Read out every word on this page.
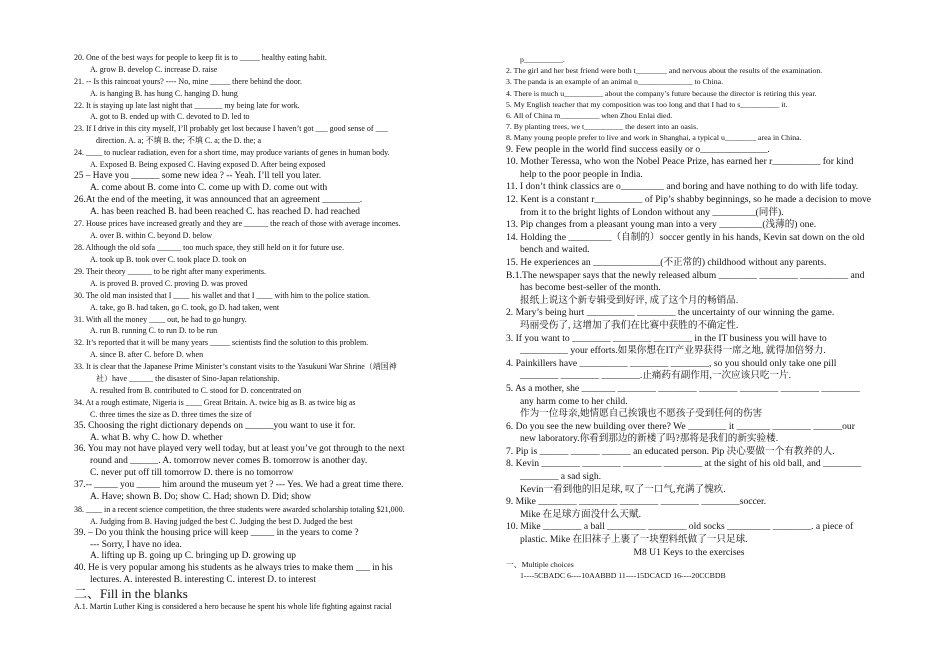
20. One of the best ways for people to keep fit is to _____ healthy eating habit.
A. grow B. develop C. increase D. raise
21. -- Is this raincoat yours? ---- No, mine _____ there behind the door.
A. is hanging B. has hung C. hanging D. hung
22. It is staying up late last night that _______ my being late for work.
A. got to B. ended up with C. devoted to D. led to
23. If I drive in this city myself, I’ll probably get lost because I haven’t got ___ good sense of ___
direction. A. a; 不填 B. the; 不填 C. a; the D. the; a
24. ____ to nuclear radiation, even for a short time, may produce variants of genes in human body.
A. Exposed B. Being exposed C. Having exposed D. After being exposed
25 – Have you ______ some new idea ? -- Yeah. I’ll tell you later.
A. come about B. come into C. come up with D. come out with
26.At the end of the meeting, it was announced that an agreement ________.
A. has been reached B. had been reached C. has reached D. had reached
27. House prices have increased greatly and they are ______ the reach of those with average incomes.
A. over B. within C. beyond D. below
28. Although the old sofa ______ too much space, they still held on it for future use.
A. took up B. took over C. took place D. took on
29. Their theory ______ to be right after many experiments.
A. is proved B. proved C. proving D. was proved
30. The old man insisted that I ____ his wallet and that I ____ with him to the police station.
A. take, go B. had taken, go C. took, go D. had taken, went
31. With all the money ____ out, he had to go hungry.
A. run B. running C. to run D. to be run
32. It’s reported that it will be many years _____ scientists find the solution to this problem.
A. since B. after C. before D. when
33. It is clear that the Japanese Prime Minister’s constant visits to the Yasukuni War Shrine（靖国神
社）have ______ the disaster of Sino-Japan relationship.
A. resulted from B. contributed to C. stood for D. concentrated on
34. At a rough estimate, Nigeria is ____ Great Britain. A. twice big as B. as twice big as
C. three times the size as D. three times the size of
35. Choosing the right dictionary depends on ______you want to use it for.
A. what B. why C. how D. whether
36. You may not have played very well today, but at least you’ve got through to the next
round and ______. A. tomorrow never comes B. tomorrow is another day.
C. never put off till tomorrow D. there is no tomorrow
37.-- _____ you _____ him around the museum yet ? --- Yes. We had a great time there.
A. Have; shown B. Do; show C. Had; shown D. Did; show
38. ____ in a recent science competition, the three students were awarded scholarship totaling $21,000.
A. Judging from B. Having judged the best C. Judging the best D. Judged the best
39. – Do you think the housing price will keep _____ in the years to come ?
--- Sorry, I have no idea.
A. lifting up B. going up C. bringing up D. growing up
40. He is very popular among his students as he always tries to make them ___ in his
lectures. A. interested B. interesting C. interest D. to interest
二、Fill in the blanks
A.1. Martin Luther King is considered a hero because he spent his whole life fighting against racial
p__________.
2. The girl and her best friend were both t________ and nervous about the results of the examination.
3. The panda is an example of an animal n______________ to China.
4. There is much u__________ about the company’s future because the director is retiring this year.
5. My English teacher that my composition was too long and that I had to s__________ it.
6. All of China m__________ when Zhou Enlai died.
7. By planting trees, we t__________ the desert into an oasis.
8. Many young people prefer to live and work in Shanghai, a typical u________ area in China.
9. Few people in the world find success easily or o______________.
10. Mother Teressa, who won the Nobel Peace Prize, has earned her r__________ for kind help to the poor people in India.
11. I don’t think classics are o_________ and boring and have nothing to do with life today.
12. Kent is a constant r__________ of Pip’s shabby beginnings, so he made a decision to move from it to the bright lights of London without any _________(同伴).
13. Pip changes from a pleasant young man into a very _________(浅薄的) one.
14. Holding the _________（自制的）soccer gently in his hands, Kevin sat down on the old bench and waited.
15. He experiences an ______________(不正常的) childhood without any parents.
B.1.The newspaper says that the newly released album ________ ________ __________ and has become best-seller of the month.
报纸上说这个新专辑受到好评, 成了这个月的畅销品.
2. Mary’s being hurt __________ ________ the uncertainty of our winning the game.
玛丽受伤了, 这增加了我们在比赛中获胜的不确定性.
3. If you want to ________ ________ ________ in the IT business you will have to __________ your efforts.如果你想在IT产业界获得一席之地, 就得加倍努力.
4. Painkillers have __________ ________ ________, so you should only take one pill ________ ________ ________.止痛药有副作用,一次应该只吃一片.
5. As a mother, she _______ ________ ________ ________ ________ ________ ________ any harm come to her child.
作为一位母亲,她情愿自己挨饿也不愿孩子受到任何的伤害
6. Do you see the new building over there? We ________ it _______ ________ ______our new laboratory.你看到那边的新楼了吗?那将是我们的新实验楼.
7. Pip is ______ ______ ______ an educated person. Pip 决心要做一个有教养的人.
8. Kevin ________ ________ ________ ________ at the sight of his old ball, and ________ ________ a sad sigh.
Kevin一看到他的旧足球, 叹了一口气,充满了愧疚.
9. Mike ________ ________ ________ ________ ________soccer.
Mike 在足球方面没什么天赋.
10. Mike ________ a ball ________ ________ old socks _________ ________. a piece of plastic. Mike 在旧袜子上裹了一块塑料纸做了一只足球.
M8 U1 Keys to the exercises
一、Multiple choices
1----5CBADC 6----10AABBD 11----15DCACD 16----20CCBDB
